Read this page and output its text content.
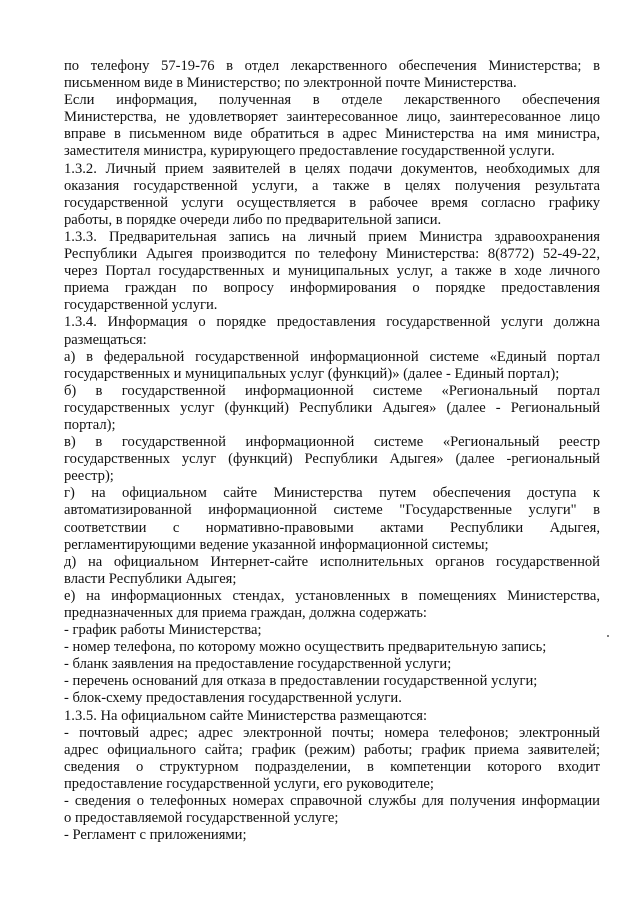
по телефону 57-19-76 в отдел лекарственного обеспечения Министерства; в
письменном виде в Министерство; по электронной почте Министерства.
Если информация, полученная в отделе лекарственного обеспечения
Министерства, не удовлетворяет заинтересованное лицо, заинтересованное лицо
вправе в письменном виде обратиться в адрес Министерства на имя министра,
заместителя министра, курирующего предоставление государственной услуги.
1.3.2. Личный прием заявителей в целях подачи документов, необходимых для
оказания государственной услуги, а также в целях получения результата
государственной услуги осуществляется в рабочее время согласно графику
работы, в порядке очереди либо по предварительной записи.
1.3.3. Предварительная запись на личный прием Министра здравоохранения
Республики Адыгея производится по телефону Министерства: 8(8772) 52-49-22,
через Портал государственных и муниципальных услуг, а также в ходе личного
приема граждан по вопросу информирования о порядке предоставления
государственной услуги.
1.3.4. Информация о порядке предоставления государственной услуги должна
размещаться:
а) в федеральной государственной информационной системе «Единый портал
государственных и муниципальных услуг (функций)» (далее - Единый портал);
б) в государственной информационной системе «Региональный портал
государственных услуг (функций) Республики Адыгея» (далее - Региональный
портал);
в) в государственной информационной системе «Региональный реестр
государственных услуг (функций) Республики Адыгея» (далее -региональный
реестр);
г) на официальном сайте Министерства путем обеспечения доступа к
автоматизированной информационной системе "Государственные услуги" в
соответствии с нормативно-правовыми актами Республики Адыгея,
регламентирующими ведение указанной информационной системы;
д) на официальном Интернет-сайте исполнительных органов государственной
власти Республики Адыгея;
е) на информационных стендах, установленных в помещениях Министерства,
предназначенных для приема граждан, должна содержать:
- график работы Министерства;
- номер телефона, по которому можно осуществить предварительную запись;
- бланк заявления на предоставление государственной услуги;
- перечень оснований для отказа в предоставлении государственной услуги;
- блок-схему предоставления государственной услуги.
1.3.5. На официальном сайте Министерства размещаются:
- почтовый адрес; адрес электронной почты; номера телефонов; электронный
адрес официального сайта; график (режим) работы; график приема заявителей;
сведения о структурном подразделении, в компетенции которого входит
предоставление государственной услуги, его руководителе;
- сведения о телефонных номерах справочной службы для получения информации
о предоставляемой государственной услуге;
- Регламент с приложениями;
